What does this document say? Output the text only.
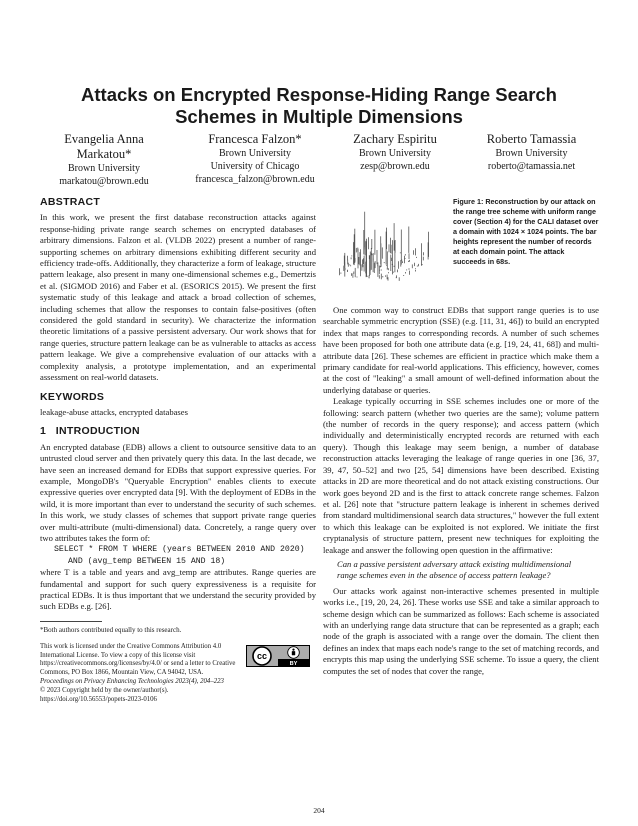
Attacks on Encrypted Response-Hiding Range Search Schemes in Multiple Dimensions
Evangelia Anna Markatou*
Brown University
markatou@brown.edu
Francesca Falzon*
Brown University
University of Chicago
francesca_falzon@brown.edu
Zachary Espiritu
Brown University
zesp@brown.edu
Roberto Tamassia
Brown University
roberto@tamassia.net
ABSTRACT

In this work, we present the first database reconstruction attacks against response-hiding private range search schemes on encrypted databases of arbitrary dimensions. Falzon et al. (VLDB 2022) present a number of range-supporting schemes on arbitrary dimensions exhibiting different security and efficiency trade-offs. Additionally, they characterize a form of leakage, structure pattern leakage, also present in many one-dimensional schemes e.g., Demertzis et al. (SIGMOD 2016) and Faber et al. (ESORICS 2015). We present the first systematic study of this leakage and attack a broad collection of schemes, including schemes that allow the responses to contain false-positives (often considered the gold standard in security). We characterize the information theoretic limitations of a passive persistent adversary. Our work shows that for range queries, structure pattern leakage can be as vulnerable to attacks as access pattern leakage. We give a comprehensive evaluation of our attacks with a complexity analysis, a prototype implementation, and an experimental assessment on real-world datasets.

KEYWORDS

leakage-abuse attacks, encrypted databases

1   INTRODUCTION

An encrypted database (EDB) allows a client to outsource sensitive data to an untrusted cloud server and then privately query this data. In the last decade, we have seen an increased demand for EDBs that support expressive queries. For example, MongoDB's "Queryable Encryption" enables clients to execute expressive queries over encrypted data [9]. With the deployment of EDBs in the wild, it is more important than ever to understand the security of such schemes. In this work, we study classes of schemes that support private range queries over multi-attribute (multi-dimensional) data. Concretely, a range query over two attributes takes the form of:

SELECT * FROM T WHERE (years BETWEEN 2010 AND 2020)
AND (avg_temp BETWEEN 15 AND 18)

where T is a table and years and avg_temp are attributes. Range queries are fundamental and support for such query expressiveness is a requisite for practical EDBs. It is thus important that we understand the security provided by such EDBs e.g. [26].

*Both authors contributed equally to this research.
This work is licensed under the Creative Commons Attribution 4.0 International License. To view a copy of this license visit https://creativecommons.org/licenses/by/4.0/ or send a letter to Creative Commons, PO Box 1866, Mountain View, CA 94042, USA.
cc
BY
Proceedings on Privacy Enhancing Technologies 2023(4), 204–223
© 2023 Copyright held by the owner/author(s).
https://doi.org/10.56553/popets-2023-0106
Figure 1: Reconstruction by our attack on the range tree scheme with uniform range cover (Section 4) for the CALI dataset over a domain with 1024 × 1024 points. The bar heights represent the number of records at each domain point. The attack succeeds in 68s.

One common way to construct EDBs that support range queries is to use searchable symmetric encryption (SSE) (e.g. [11, 31, 46]) to build an encrypted index that maps ranges to corresponding records. A number of such schemes have been proposed for both one attribute data (e.g. [19, 24, 41, 68]) and multi-attribute data [26]. These schemes are efficient in practice which make them a primary candidate for real-world applications. This efficiency, however, comes at the cost of "leaking" a small amount of well-defined information about the underlying database or queries.

Leakage typically occurring in SSE schemes includes one or more of the following: search pattern (whether two queries are the same); volume pattern (the number of records in the query response); and access pattern (which individually and deterministically encrypted records are returned with each query). Though this leakage may seem benign, a number of database reconstruction attacks leveraging the leakage of range queries in one [36, 37, 39, 47, 50–52] and two [25, 54] dimensions have been described. Existing attacks in 2D are more theoretical and do not attack existing constructions. Our work goes beyond 2D and is the first to attack concrete range schemes. Falzon et al. [26] note that "structure pattern leakage is inherent in schemes derived from standard multidimensional search data structures," however the full extent to which this leakage can be exploited is not explored. We initiate the first cryptanalysis of structure pattern, present new techniques for exploiting the leakage and answer the following open question in the affirmative:

Can a passive persistent adversary attack existing multidimensional range schemes even in the absence of access pattern leakage?

Our attacks work against non-interactive schemes presented in multiple works i.e., [19, 20, 24, 26]. These works use SSE and take a similar approach to scheme design which can be summarized as follows: Each scheme is associated with an underlying range data structure that can be represented as a graph; each node of the graph is associated with a range over the domain. The client then defines an index that maps each node's range to the set of matching records, and encrypts this map using the underlying SSE scheme. To issue a query, the client computes the set of nodes that cover the range,

204
